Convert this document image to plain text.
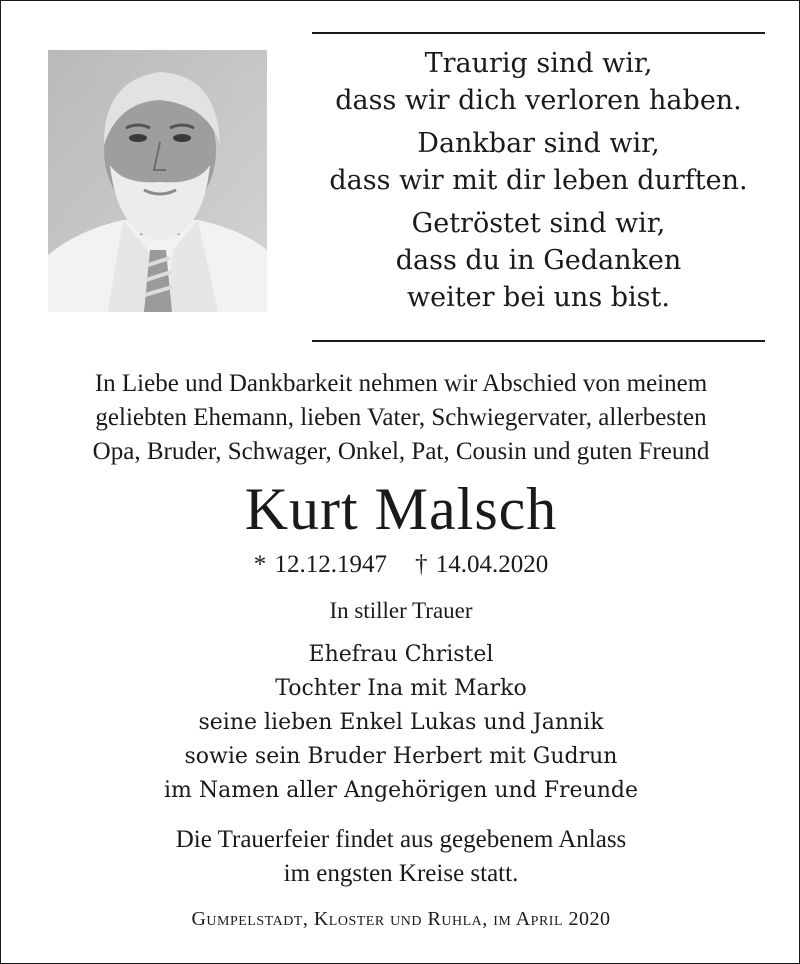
Traurig sind wir,
dass wir dich verloren haben.
Dankbar sind wir,
dass wir mit dir leben durften.
Getröstet sind wir,
dass du in Gedanken
weiter bei uns bist.
In Liebe und Dankbarkeit nehmen wir Abschied von meinem
geliebten Ehemann, lieben Vater, Schwiegervater, allerbesten
Opa, Bruder, Schwager, Onkel, Pat, Cousin und guten Freund
Kurt Malsch
* 12.12.1947 † 14.04.2020
In stiller Trauer
Ehefrau Christel
Tochter Ina mit Marko
seine lieben Enkel Lukas und Jannik
sowie sein Bruder Herbert mit Gudrun
im Namen aller Angehörigen und Freunde
Die Trauerfeier findet aus gegebenem Anlass
im engsten Kreise statt.
Gumpelstadt, Kloster und Ruhla, im April 2020
